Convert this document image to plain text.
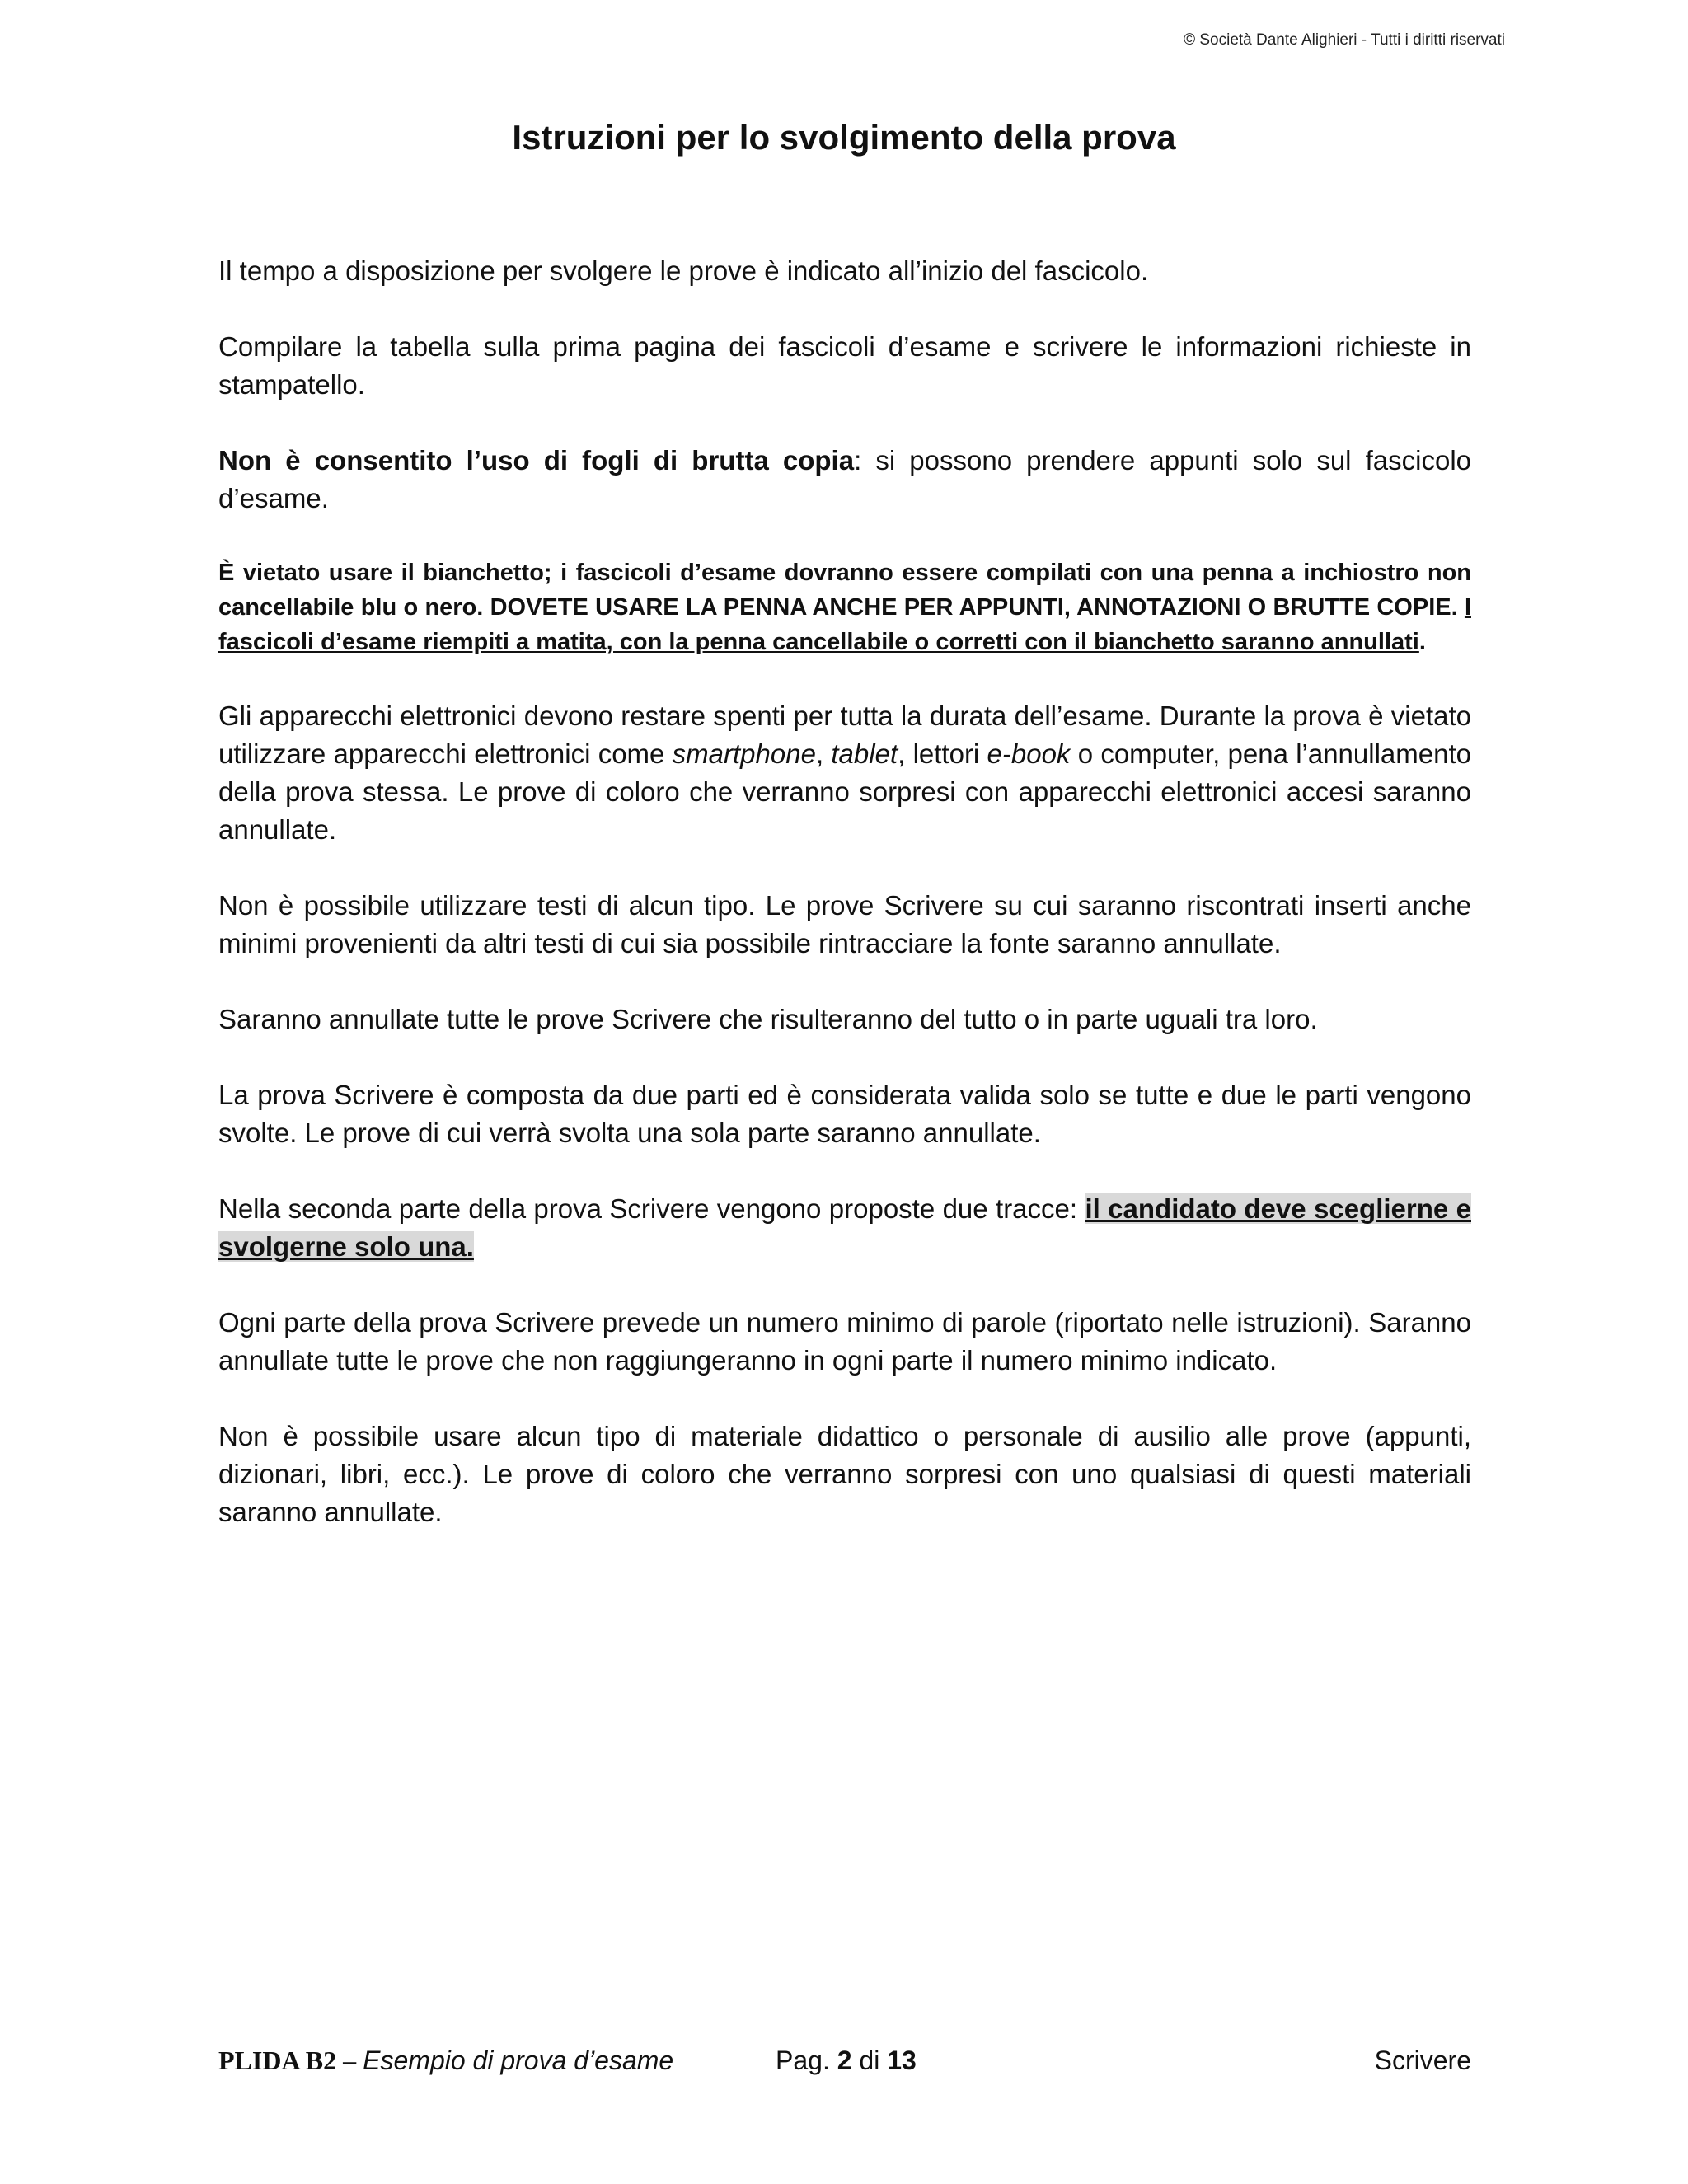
© Società Dante Alighieri - Tutti i diritti riservati
Istruzioni per lo svolgimento della prova

Il tempo a disposizione per svolgere le prove è indicato all’inizio del fascicolo.

Compilare la tabella sulla prima pagina dei fascicoli d’esame e scrivere le informazioni richieste in stampatello.

Non è consentito l’uso di fogli di brutta copia: si possono prendere appunti solo sul fascicolo d’esame.

È vietato usare il bianchetto; i fascicoli d’esame dovranno essere compilati con una penna a inchiostro non cancellabile blu o nero. DOVETE USARE LA PENNA ANCHE PER APPUNTI, ANNOTAZIONI O BRUTTE COPIE. I fascicoli d’esame riempiti a matita, con la penna cancellabile o corretti con il bianchetto saranno annullati.

Gli apparecchi elettronici devono restare spenti per tutta la durata dell’esame. Durante la prova è vietato utilizzare apparecchi elettronici come smartphone, tablet, lettori e-book o computer, pena l’annullamento della prova stessa. Le prove di coloro che verranno sorpresi con apparecchi elettronici accesi saranno annullate.

Non è possibile utilizzare testi di alcun tipo. Le prove Scrivere su cui saranno riscontrati inserti anche minimi provenienti da altri testi di cui sia possibile rintracciare la fonte saranno annullate.

Saranno annullate tutte le prove Scrivere che risulteranno del tutto o in parte uguali tra loro.

La prova Scrivere è composta da due parti ed è considerata valida solo se tutte e due le parti vengono svolte. Le prove di cui verrà svolta una sola parte saranno annullate.

Nella seconda parte della prova Scrivere vengono proposte due tracce: il candidato deve sceglierne e svolgerne solo una.

Ogni parte della prova Scrivere prevede un numero minimo di parole (riportato nelle istruzioni). Saranno annullate tutte le prove che non raggiungeranno in ogni parte il numero minimo indicato.

Non è possibile usare alcun tipo di materiale didattico o personale di ausilio alle prove (appunti, dizionari, libri, ecc.). Le prove di coloro che verranno sorpresi con uno qualsiasi di questi materiali saranno annullate.

PLIDA B2 – Esempio di prova d’esame	Pag. 2 di 13	Scrivere
